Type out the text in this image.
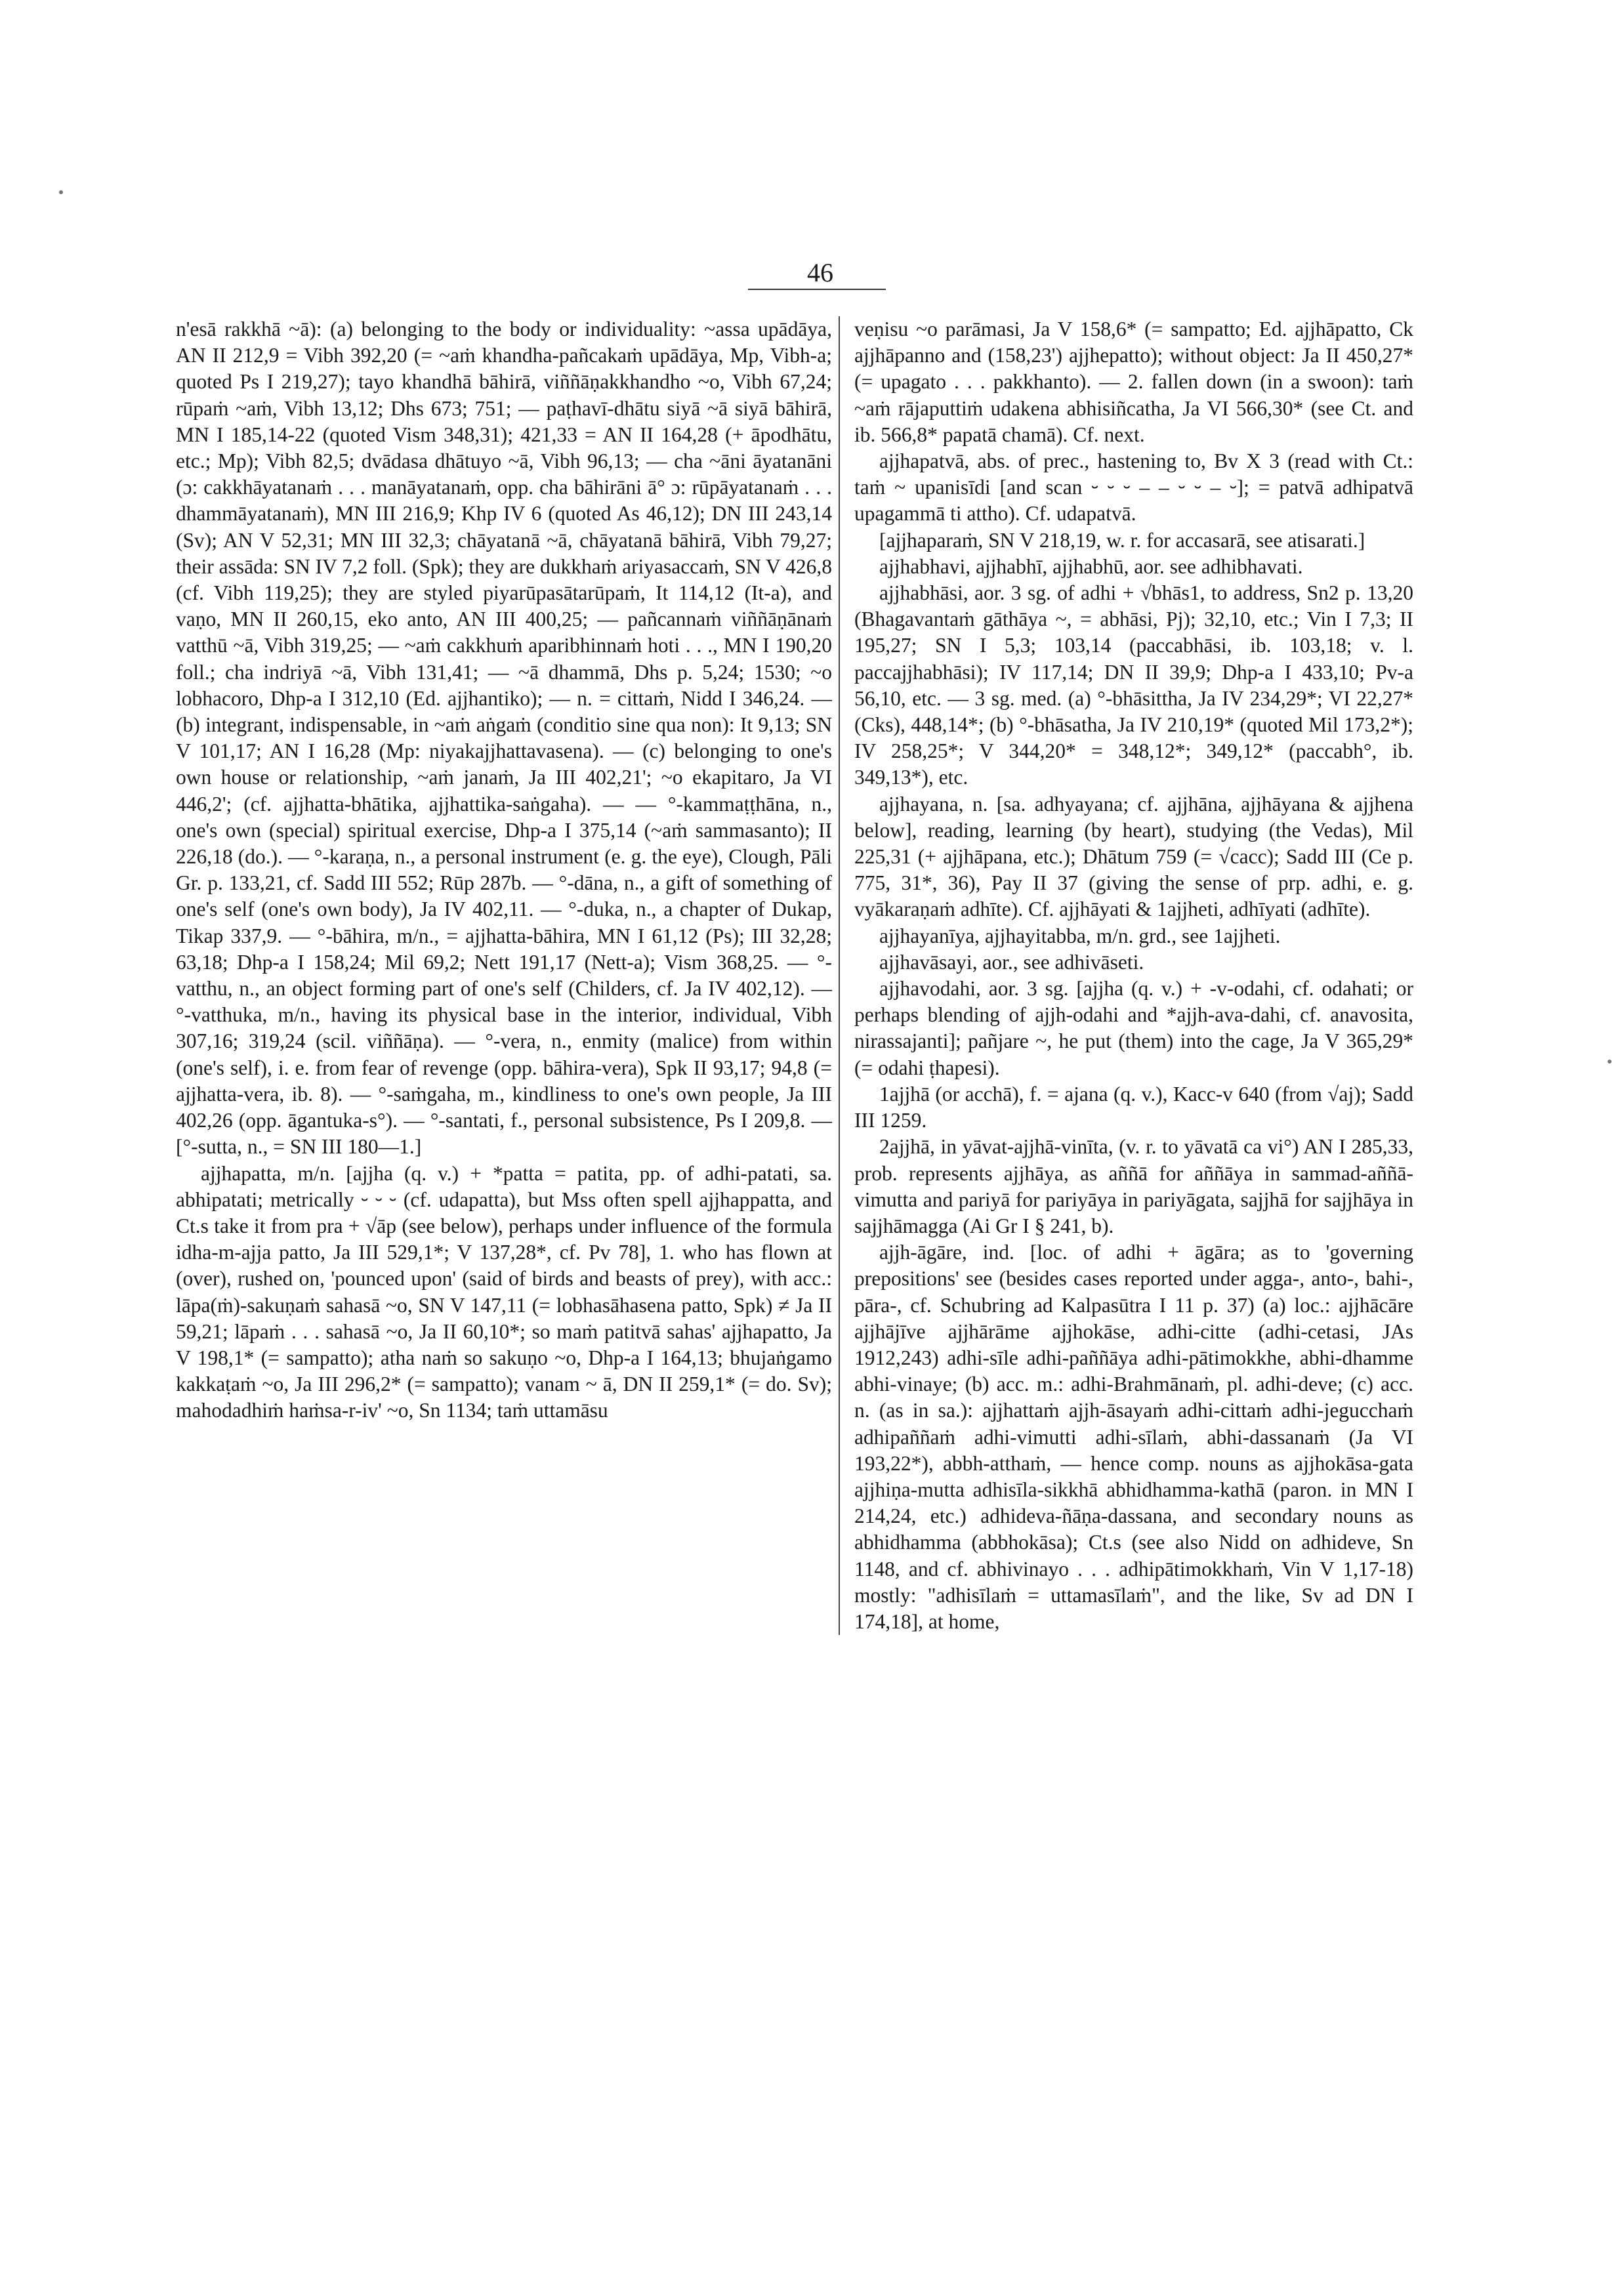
46

n'esā rakkhā ~ā): (a) belonging to the body or individuality: ~assa upādāya, AN II 212,9 = Vibh 392,20 (= ~aṁ khandha-pañcakaṁ upādāya, Mp, Vibh-a; quoted Ps I 219,27); tayo khandhā bāhirā, viññāṇakkhandho ~o, Vibh 67,24; rūpaṁ ~aṁ, Vibh 13,12; Dhs 673; 751; — paṭhavī-dhātu siyā ~ā siyā bāhirā, MN I 185,14-22 (quoted Vism 348,31); 421,33 = AN II 164,28 (+ āpodhātu, etc.; Mp); Vibh 82,5; dvādasa dhātuyo ~ā, Vibh 96,13; — cha ~āni āyatanāni (ɔ: cakkhāyatanaṁ . . . manāyatanaṁ, opp. cha bāhirāni ā° ɔ: rūpāyatanaṁ . . . dhammāyatanaṁ), MN III 216,9; Khp IV 6 (quoted As 46,12); DN III 243,14 (Sv); AN V 52,31; MN III 32,3; chāyatanā ~ā, chāyatanā bāhirā, Vibh 79,27; their assāda: SN IV 7,2 foll. (Spk); they are dukkhaṁ ariyasaccaṁ, SN V 426,8 (cf. Vibh 119,25); they are styled piyarūpasātarūpaṁ, It 114,12 (It-a), and vaṇo, MN II 260,15, eko anto, AN III 400,25; — pañcannaṁ viññāṇānaṁ vatthū ~ā, Vibh 319,25; — ~aṁ cakkhuṁ aparibhinnaṁ hoti . . ., MN I 190,20 foll.; cha indriyā ~ā, Vibh 131,41; — ~ā dhammā, Dhs p. 5,24; 1530; ~o lobhacoro, Dhp-a I 312,10 (Ed. ajjhantiko); — n. = cittaṁ, Nidd I 346,24. — (b) integrant, indispensable, in ~aṁ aṅgaṁ (conditio sine qua non): It 9,13; SN V 101,17; AN I 16,28 (Mp: niyakajjhattavasena). — (c) belonging to one's own house or relationship, ~aṁ janaṁ, Ja III 402,21'; ~o ekapitaro, Ja VI 446,2'; (cf. ajjhatta-bhātika, ajjhattika-saṅgaha). — — °-kammaṭṭhāna, n., one's own (special) spiritual exercise, Dhp-a I 375,14 (~aṁ sammasanto); II 226,18 (do.). — °-karaṇa, n., a personal instrument (e. g. the eye), Clough, Pāli Gr. p. 133,21, cf. Sadd III 552; Rūp 287b. — °-dāna, n., a gift of something of one's self (one's own body), Ja IV 402,11. — °-duka, n., a chapter of Dukap, Tikap 337,9. — °-bāhira, m/n., = ajjhatta-bāhira, MN I 61,12 (Ps); III 32,28; 63,18; Dhp-a I 158,24; Mil 69,2; Nett 191,17 (Nett-a); Vism 368,25. — °-vatthu, n., an object forming part of one's self (Childers, cf. Ja IV 402,12). — °-vatthuka, m/n., having its physical base in the interior, individual, Vibh 307,16; 319,24 (scil. viññāṇa). — °-vera, n., enmity (malice) from within (one's self), i. e. from fear of revenge (opp. bāhira-vera), Spk II 93,17; 94,8 (= ajjhatta-vera, ib. 8). — °-saṁgaha, m., kindliness to one's own people, Ja III 402,26 (opp. āgantuka-s°). — °-santati, f., personal subsistence, Ps I 209,8. — [°-sutta, n., = SN III 180—1.]

ajjhapatta, m/n. [ajjha (q. v.) + *patta = patita, pp. of adhi-patati, sa. abhipatati; metrically ⏑ ⏑ ⏑ (cf. udapatta), but Mss often spell ajjhappatta, and Ct.s take it from pra + √āp (see below), perhaps under influence of the formula idha-m-ajja patto, Ja III 529,1*; V 137,28*, cf. Pv 78], 1. who has flown at (over), rushed on, 'pounced upon' (said of birds and beasts of prey), with acc.: lāpa(ṁ)-sakuṇaṁ sahasā ~o, SN V 147,11 (= lobhasāhasena patto, Spk) ≠ Ja II 59,21; lāpaṁ . . . sahasā ~o, Ja II 60,10*; so maṁ patitvā sahas' ajjhapatto, Ja V 198,1* (= sampatto); atha naṁ so sakuṇo ~o, Dhp-a I 164,13; bhujaṅgamo kakkaṭaṁ ~o, Ja III 296,2* (= sampatto); vanam ~ ā, DN II 259,1* (= do. Sv); mahodadhiṁ haṁsa-r-iv' ~o, Sn 1134; taṁ uttamāsu

veṇisu ~o parāmasi, Ja V 158,6* (= sampatto; Ed. ajjhāpatto, Ck ajjhāpanno and (158,23') ajjhepatto); without object: Ja II 450,27* (= upagato . . . pakkhanto). — 2. fallen down (in a swoon): taṁ ~aṁ rājaputtiṁ udakena abhisiñcatha, Ja VI 566,30* (see Ct. and ib. 566,8* papatā chamā). Cf. next.

ajjhapatvā, abs. of prec., hastening to, Bv X 3 (read with Ct.: taṁ ~ upanisīdi [and scan ⏑ ⏑ ⏑ – – ⏑ ⏑ – ⏑]; = patvā adhipatvā upagammā ti attho). Cf. udapatvā.

[ajjhaparaṁ, SN V 218,19, w. r. for accasarā, see atisarati.]

ajjhabhavi, ajjhabhī, ajjhabhū, aor. see adhibhavati.

ajjhabhāsi, aor. 3 sg. of adhi + √bhās1, to address, Sn2 p. 13,20 (Bhagavantaṁ gāthāya ~, = abhāsi, Pj); 32,10, etc.; Vin I 7,3; II 195,27; SN I 5,3; 103,14 (paccabhāsi, ib. 103,18; v. l. paccajjhabhāsi); IV 117,14; DN II 39,9; Dhp-a I 433,10; Pv-a 56,10, etc. — 3 sg. med. (a) °-bhāsittha, Ja IV 234,29*; VI 22,27* (Cks), 448,14*; (b) °-bhāsatha, Ja IV 210,19* (quoted Mil 173,2*); IV 258,25*; V 344,20* = 348,12*; 349,12* (paccabh°, ib. 349,13*), etc.

ajjhayana, n. [sa. adhyayana; cf. ajjhāna, ajjhāyana & ajjhena below], reading, learning (by heart), studying (the Vedas), Mil 225,31 (+ ajjhāpana, etc.); Dhātum 759 (= √cacc); Sadd III (Ce p. 775, 31*, 36), Pay II 37 (giving the sense of prp. adhi, e. g. vyākaraṇaṁ adhīte). Cf. ajjhāyati & 1ajjheti, adhīyati (adhīte).

ajjhayanīya, ajjhayitabba, m/n. grd., see 1ajjheti.

ajjhavāsayi, aor., see adhivāseti.

ajjhavodahi, aor. 3 sg. [ajjha (q. v.) + -v-odahi, cf. odahati; or perhaps blending of ajjh-odahi and *ajjh-ava-dahi, cf. anavosita, nirassajanti]; pañjare ~, he put (them) into the cage, Ja V 365,29* (= odahi ṭhapesi).

1ajjhā (or acchā), f. = ajana (q. v.), Kacc-v 640 (from √aj); Sadd III 1259.

2ajjhā, in yāvat-ajjhā-vinīta, (v. r. to yāvatā ca vi°) AN I 285,33, prob. represents ajjhāya, as aññā for aññāya in sammad-aññā-vimutta and pariyā for pariyāya in pariyāgata, sajjhā for sajjhāya in sajjhāmagga (Ai Gr I § 241, b).

ajjh-āgāre, ind. [loc. of adhi + āgāra; as to 'governing prepositions' see (besides cases reported under agga-, anto-, bahi-, pāra-, cf. Schubring ad Kalpasūtra I 11 p. 37) (a) loc.: ajjhācāre ajjhājīve ajjhārāme ajjhokāse, adhi-citte (adhi-cetasi, JAs 1912,243) adhi-sīle adhi-paññāya adhi-pātimokkhe, abhi-dhamme abhi-vinaye; (b) acc. m.: adhi-Brahmānaṁ, pl. adhi-deve; (c) acc. n. (as in sa.): ajjhattaṁ ajjh-āsayaṁ adhi-cittaṁ adhi-jegucchaṁ adhipaññaṁ adhi-vimutti adhi-sīlaṁ, abhi-dassanaṁ (Ja VI 193,22*), abbh-atthaṁ, — hence comp. nouns as ajjhokāsa-gata ajjhiṇa-mutta adhisīla-sikkhā abhidhamma-kathā (paron. in MN I 214,24, etc.) adhideva-ñāṇa-dassana, and secondary nouns as abhidhamma (abbhokāsa); Ct.s (see also Nidd on adhideve, Sn 1148, and cf. abhivinayo . . . adhipātimokkhaṁ, Vin V 1,17-18) mostly: "adhisīlaṁ = uttamasīlaṁ", and the like, Sv ad DN I 174,18], at home,
